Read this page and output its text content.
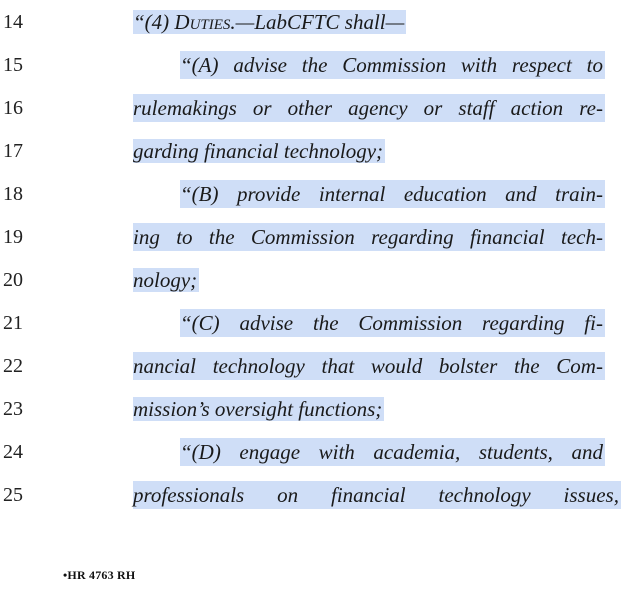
14
15
16
17
18
19
20
21
22
23
24
25
“(4) Duties.—LabCFTC shall—
“(A) advise the Commission with respect to
rulemakings or other agency or staff action re-
garding financial technology;
“(B) provide internal education and train-
ing to the Commission regarding financial tech-
nology;
“(C) advise the Commission regarding fi-
nancial technology that would bolster the Com-
mission’s oversight functions;
“(D) engage with academia, students, and
professionals on financial technology issues,
•HR 4763 RH
